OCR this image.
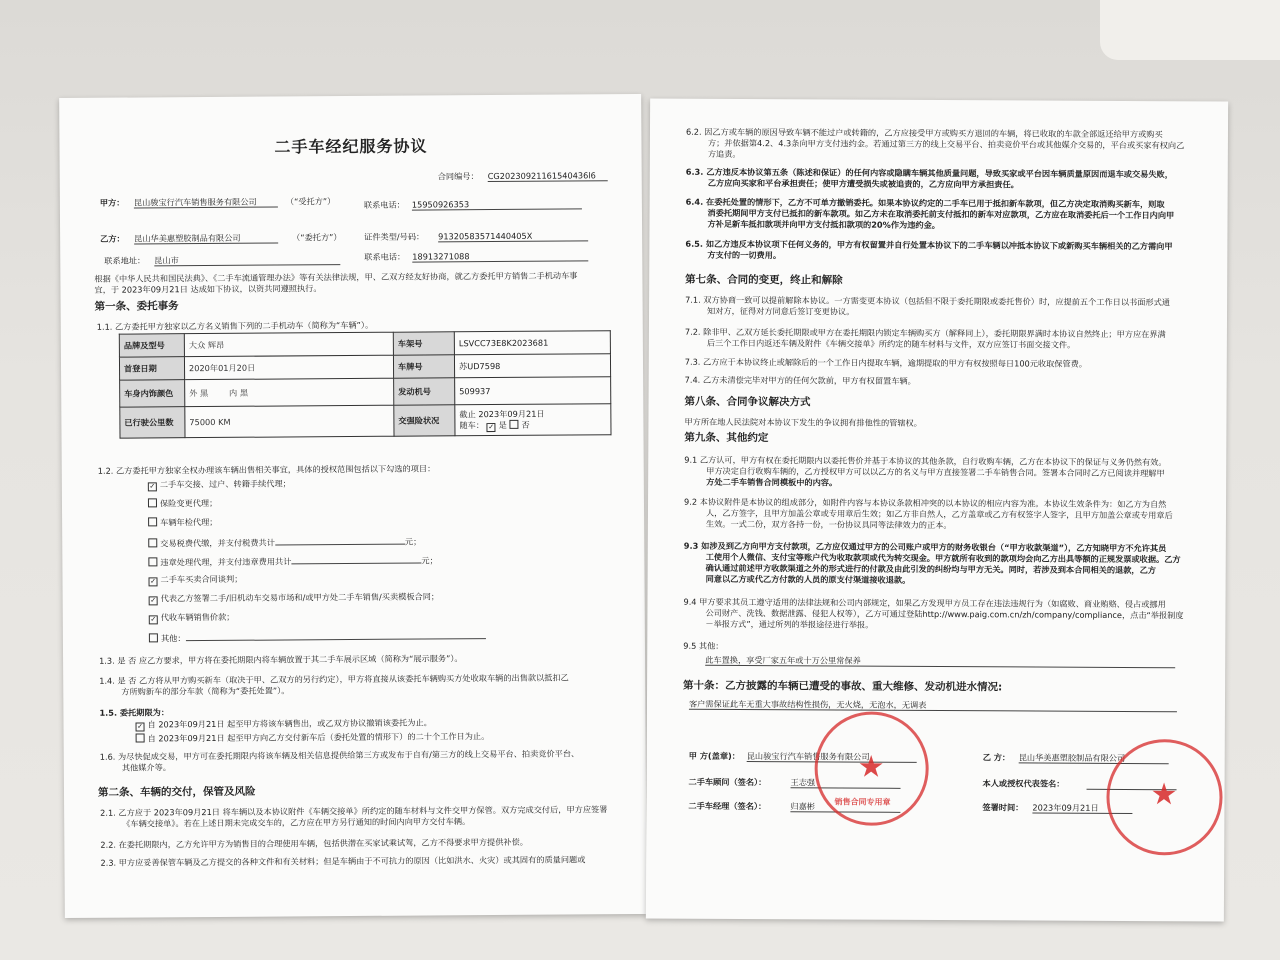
二手车经纪服务协议
合同编号： CG20230921161540436l6
甲方： 昆山骏宝行汽车销售服务有限公司	（“受托方”）	联系电话： 15950926353
乙方： 昆山华美惠塑胶制品有限公司	（“委托方”）	证件类型/号码： 91320583571440405X
联系地址： 昆山市	联系电话： 18913271088
根据《中华人民共和国民法典》、《二手车流通管理办法》等有关法律法规，甲、乙双方经友好协商，就乙方委托甲方销售二手机动车事
宜，于 2023年09月21日 达成如下协议，以资共同遵照执行。
第一条、委托事务
1.1. 乙方委托甲方独家以乙方名义销售下列的二手机动车（简称为“车辆”）。
品牌及型号	大众 辉昂	车架号	LSVCC73E8K2023681
首登日期	2020年01月20日	车牌号	苏UD7598
车身内饰颜色	外 黑 内 黑	发动机号	509937
已行驶公里数	75000 KM	交强险状况	截止 2023年09月21日
随车： ✓ 是 否
1.2. 乙方委托甲方独家全权办理该车辆出售相关事宜，具体的授权范围包括以下勾选的项目：
1.3. 是 否 应乙方要求，甲方将在委托期限内将车辆放置于其二手车展示区域（简称为“展示服务”）。
1.4. 是 否 乙方将从甲方购买新车（取决于甲、乙双方的另行约定），甲方将直接从该委托车辆购买方处收取车辆的出售款以抵扣乙
方所购新车的部分车款（简称为“委托处置”）。
1.5. 委托期限为：
✓ 自 2023年09月21日 起至甲方将该车辆售出，或乙双方协议撤销该委托为止。
自 2023年09月21日 起至甲方向乙方交付新车后（委托处置的情形下）的二十个工作日为止。
1.6. 为尽快促成交易，甲方可在委托期限内将该车辆及相关信息提供给第三方或发布于自有/第三方的线上交易平台、拍卖竞价平台、
其他媒介等。
第二条、车辆的交付，保管及风险
2.1. 乙方应于 2023年09月21日 将车辆以及本协议附件《车辆交接单》所约定的随车材料与文件交甲方保管。双方完成交付后，甲方应签署
《车辆交接单》。若在上述日期未完成交车的，乙方应在甲方另行通知的时间内向甲方交付车辆。
2.2. 在委托期限内，乙方允许甲方为销售目的合理使用车辆，包括供潜在买家试乘试驾，乙方不得要求甲方提供补偿。
2.3. 甲方应妥善保管车辆及乙方提交的各种文件和有关材料；但是车辆由于不可抗力的原因（比如洪水、火灾）或其固有的质量问题或
✓ 二手车交接、过户、转籍手续代理；
保险变更代理；
车辆年检代理；
交易税费代缴，并支付税费共计	元；
违章处理代理，并支付违章费用共计	元；
✓ 二手车买卖合同谈判；
✓ 代表乙方签署二手/旧机动车交易市场和/或甲方处二手车销售/买卖模板合同；
✓ 代收车辆销售价款；
其他：
6.2. 因乙方或车辆的原因导致车辆不能过户或转籍的，乙方应接受甲方或购买方退回的车辆，将已收取的车款全部返还给甲方或购买
方；并依据第4.2、4.3条向甲方支付违约金。若通过第三方的线上交易平台、拍卖竞价平台或其他媒介交易的，平台或买家有权向乙
方追责。
6.3. 乙方违反本协议第五条（陈述和保证）的任何内容或隐瞒车辆其他质量问题，导致买家或平台因车辆质量原因而退车或交易失败，
乙方应向买家和平台承担责任；使甲方遭受损失或被追责的，乙方应向甲方承担责任。
6.4. 在委托处置的情形下，乙方不可单方撤销委托。如果本协议约定的二手车已用于抵扣新车款项，但乙方决定取消购买新车，则取
消委托期间甲方支付已抵扣的新车款项。如乙方未在取消委托前支付抵扣的新车对应款项，乙方应在取消委托后一个工作日内向甲
方补足新车抵扣款项并向甲方支付抵扣款项的20%作为违约金。
6.5. 如乙方违反本协议项下任何义务的，甲方有权留置并自行处置本协议下的二手车辆以冲抵本协议下或新购买车辆相关的乙方需向甲
方支付的一切费用。
第七条、合同的变更，终止和解除
7.1. 双方协商一致可以提前解除本协议。一方需变更本协议（包括但不限于委托期限或委托售价）时，应提前五个工作日以书面形式通
知对方，征得对方同意后签订变更协议。
7.2. 除非甲、乙双方延长委托期限或甲方在委托期限内锁定车辆购买方（解释同上），委托期限界满时本协议自然终止；甲方应在界满
后三个工作日内返还车辆及附件《车辆交接单》所约定的随车材料与文件，双方应签订书面交接文件。
7.3. 乙方应于本协议终止或解除后的一个工作日内提取车辆，逾期提取的甲方有权按照每日100元收取保管费。
7.4. 乙方未清偿完毕对甲方的任何欠款前，甲方有权留置车辆。
第八条、合同争议解决方式
甲方所在地人民法院对本协议下发生的争议拥有排他性的管辖权。
第九条、其他约定
9.1 乙方认可，甲方有权在委托期限内以委托售价并基于本协议的其他条款，自行收购车辆，乙方在本协议下的保证与义务仍然有效。
甲方决定自行收购车辆的，乙方授权甲方可以以乙方的名义与甲方直接签署二手车销售合同。签署本合同时乙方已阅读并理解甲
方处二手车销售合同模板中的内容。
9.2 本协议附件是本协议的组成部分，如附件内容与本协议条款相冲突的以本协议的相应内容为准。本协议生效条件为：如乙方为自然
人，乙方签字，且甲方加盖公章或专用章后生效；如乙方非自然人，乙方盖章或乙方有权签字人签字，且甲方加盖公章或专用章后
生效。一式二份，双方各持一份，一份协议具同等法律效力的正本。
9.3 如涉及到乙方向甲方支付款项，乙方应仅通过甲方的公司账户或甲方的财务收银台（“甲方收款渠道”），乙方知晓甲方不允许其员
工使用个人微信、支付宝等账户代为收取款项或代为转交现金。甲方就所有收到的款项均会向乙方出具等额的正规发票或收据。乙方
确认通过前述甲方收款渠道之外的形式进行的付款及由此引发的纠纷均与甲方无关。同时，若涉及到本合同相关的退款，乙方
同意以乙方或代乙方付款的人员的原支付渠道接收退款。
9.4 甲方要求其员工遵守适用的法律法规和公司内部规定，如果乙方发现甲方员工存在违法违规行为（如腐败、商业贿赂、侵占或挪用
公司财产、洗钱、数据泄露、侵犯人权等），乙方可通过登陆http://www.paig.com.cn/zh/company/compliance，点击“举报制度
－举报方式”，通过所列的举报途径进行举报。
9.5 其他：
此车置换，享受厂家五年或十万公里常保养
第十条：乙方披露的车辆已遭受的事故、重大维修、发动机进水情况:
客户需保证此车无重大事故结构性损伤，无火烧，无泡水，无调表
甲 方(盖章)： 昆山骏宝行汽车销售服务有限公司	乙 方： 昆山华美惠塑胶制品有限公司
二手车顾问（签名）：	王志强	本人或授权代表签名：
二手车经理（签名）：	归嘉彬	签署时间： 2023年09月21日
★
销售合同专用章	★
